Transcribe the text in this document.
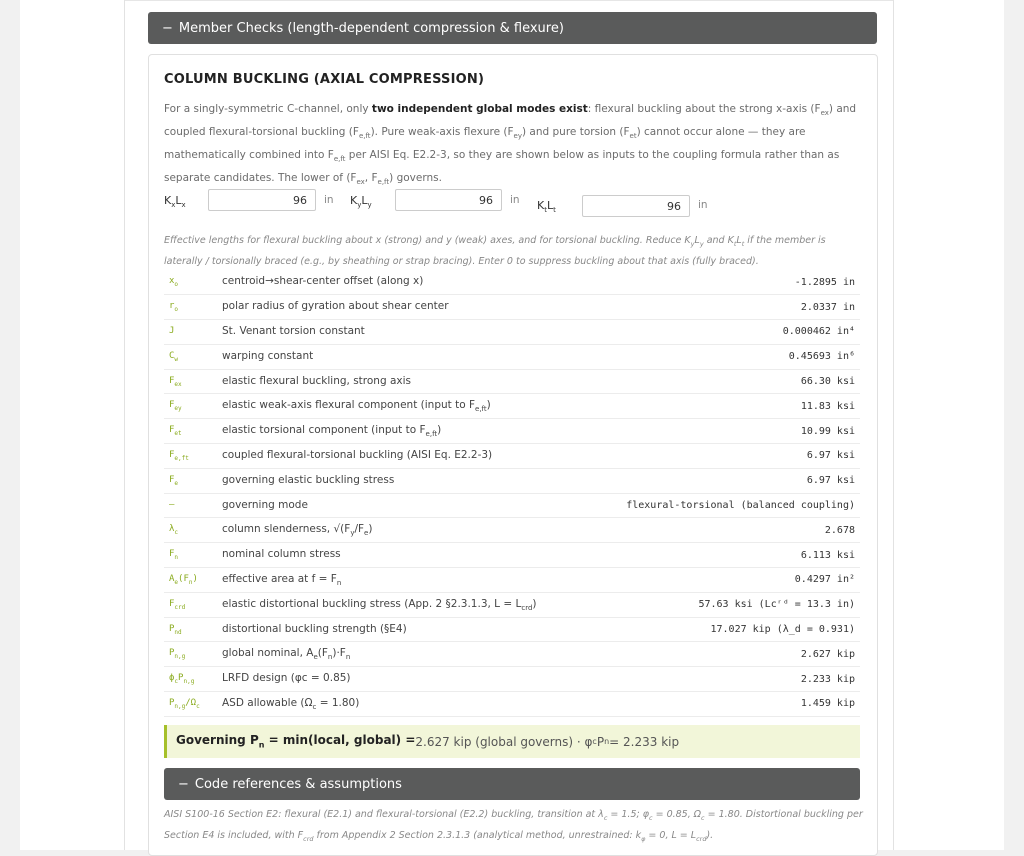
− Member Checks (length-dependent compression & flexure)
COLUMN BUCKLING (AXIAL COMPRESSION)
For a singly-symmetric C-channel, only two independent global modes exist: flexural buckling about the strong x-axis $(F_{ex})$ and coupled flexural-torsional buckling $(F_{e,ft})$. Pure weak-axis flexure $(F_{ey})$ and pure torsion $(F_{et})$ cannot occur alone — they are mathematically combined into $F_{e,ft}$ per AISI Eq. E2.2-3, so they are shown below as inputs to the coupling formula rather than as separate candidates. The lower of ($F_{ex}$, $F_{e,ft}$) governs.
$K_xL_x$
96	in $K_yL_y$
96	in $K_tL_t$
96	in
Effective lengths for flexural buckling about x (strong) and y (weak) axes, and for torsional buckling. Reduce $K_yL_y$ and $K_tL_t$ if the member is laterally / torsionally braced (e.g., by sheathing or strap bracing). Enter 0 to suppress buckling about that axis (fully braced).
$x_o$	centroid→shear-center offset (along x)	-1.2895 in
$r_o$	polar radius of gyration about shear center	2.0337 in
J	St. Venant torsion constant	0.000462 in⁴
$C_w$	warping constant	0.45693 in⁶
$F_{ex}$	elastic flexural buckling, strong axis	66.30 ksi
$F_{ey}$	elastic weak-axis flexural component (input to $F_{e,ft}$)	11.83 ksi
$F_{et}$	elastic torsional component (input to $F_{e,ft}$)	10.99 ksi
$F_{e,ft}$	coupled flexural-torsional buckling (AISI Eq. E2.2-3)	6.97 ksi
$F_e$	governing elastic buckling stress	6.97 ksi
–	governing mode	flexural-torsional (balanced coupling)
$\lambda_c$	column slenderness, $√(F_y/F_e)$	2.678
$F_n$	nominal column stress	6.113 ksi
$A_e(F_n)$	effective area at $f = F_n$	0.4297 in²
$F_{crd}$	elastic distortional buckling stress (App. 2 §2.3.1.3, $L = L_{crd}$)	57.63 ksi (Lcʳᵈ = 13.3 in)
$P_{nd}$	distortional buckling strength (§E4)	17.027 kip (λ_d = 0.931)
$P_{n,g}$	global nominal, $A_e(F_n)\cdot F_n$	2.627 kip
$\phi_cP_{n,g}$	LRFD design (φc = 0.85)	2.233 kip
$P_{n,g}/\Omega_c$	ASD allowable $(\Omega_c = 1.80)$	1.459 kip
Governing $P_n$ = min(local, global) = 2.627 kip (global governs) · φ c P n = 2.233 kip
− Code references & assumptions
AISI S100-16 Section E2: flexural (E2.1) and flexural-torsional (E2.2) buckling, transition at $\lambda_c = 1.5$; $\varphi_c = 0.85$, $\Omega_c = 1.80$. Distortional buckling per Section E4 is included, with $F_{crd}$ from Appendix 2 Section 2.3.1.3 (analytical method, unrestrained: $k_\varphi = 0$, $L = L_{crd}$).
